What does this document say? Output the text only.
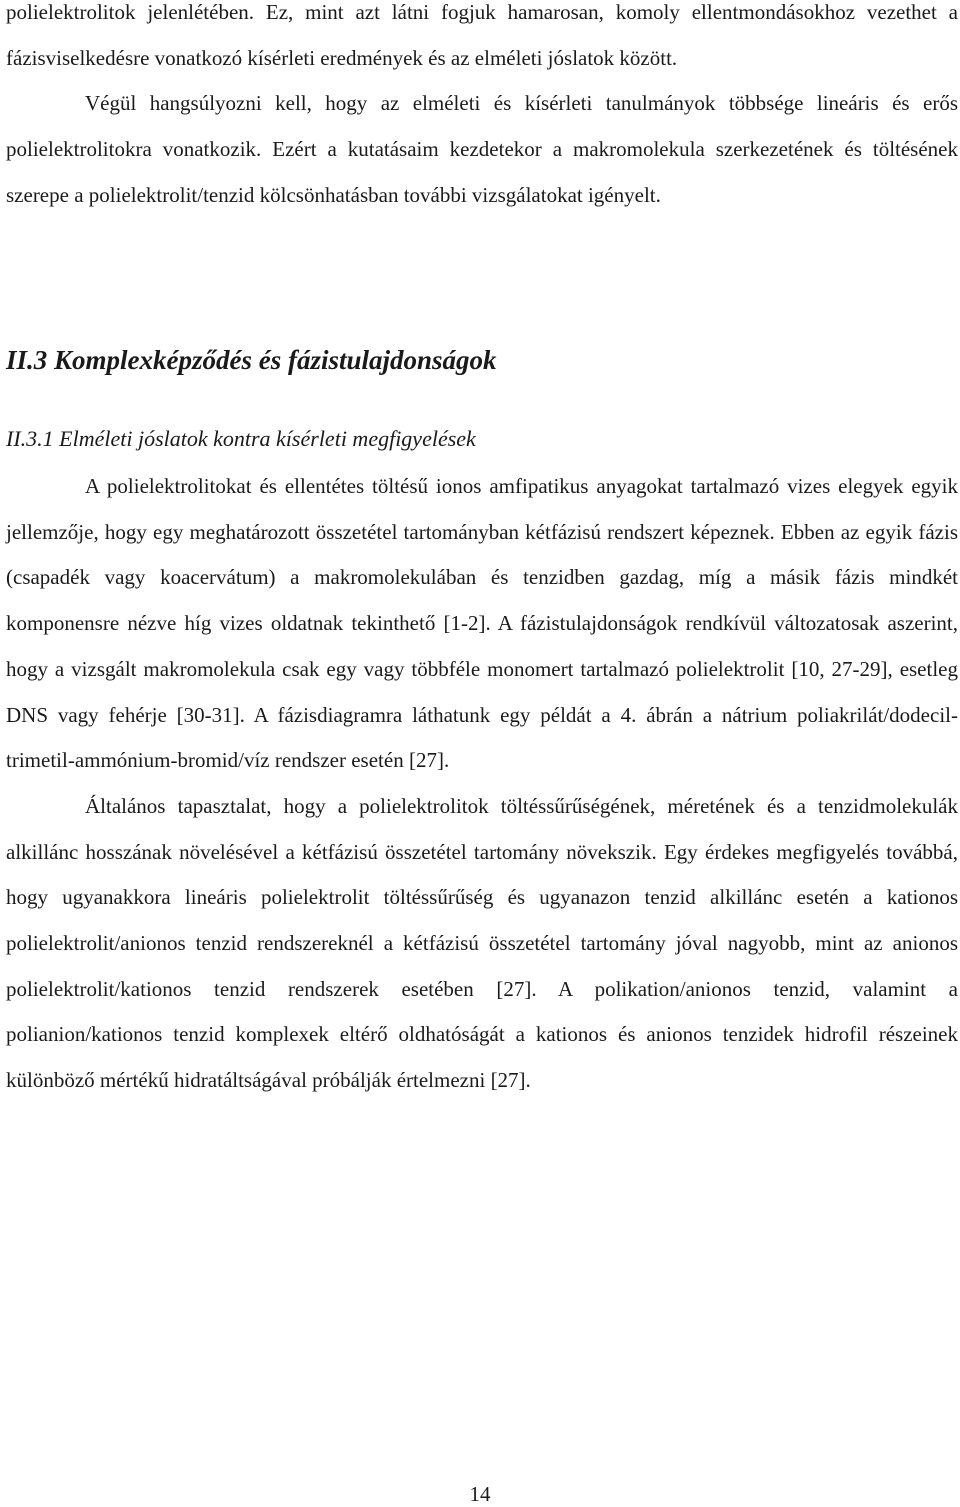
polielektrolitok jelenlétében. Ez, mint azt látni fogjuk hamarosan, komoly ellentmondásokhoz vezethet a fázisviselkedésre vonatkozó kísérleti eredmények és az elméleti jóslatok között.

Végül hangsúlyozni kell, hogy az elméleti és kísérleti tanulmányok többsége lineáris és erős polielektrolitokra vonatkozik. Ezért a kutatásaim kezdetekor a makromolekula szerkezetének és töltésének szerepe a polielektrolit/tenzid kölcsönhatásban további vizsgálatokat igényelt.

II.3 Komplexképződés és fázistulajdonságok
II.3.1 Elméleti jóslatok kontra kísérleti megfigyelések

A polielektrolitokat és ellentétes töltésű ionos amfipatikus anyagokat tartalmazó vizes elegyek egyik jellemzője, hogy egy meghatározott összetétel tartományban kétfázisú rendszert képeznek. Ebben az egyik fázis (csapadék vagy koacervátum) a makromolekulában és tenzidben gazdag, míg a másik fázis mindkét komponensre nézve híg vizes oldatnak tekinthető [1-2]. A fázistulajdonságok rendkívül változatosak aszerint, hogy a vizsgált makromolekula csak egy vagy többféle monomert tartalmazó polielektrolit [10, 27-29], esetleg DNS vagy fehérje [30-31]. A fázisdiagramra láthatunk egy példát a 4. ábrán a nátrium poliakrilát/dodecil-trimetil-ammónium-bromid/víz rendszer esetén [27].

Általános tapasztalat, hogy a polielektrolitok töltéssűrűségének, méretének és a tenzidmolekulák alkillánc hosszának növelésével a kétfázisú összetétel tartomány növekszik. Egy érdekes megfigyelés továbbá, hogy ugyanakkora lineáris polielektrolit töltéssűrűség és ugyanazon tenzid alkillánc esetén a kationos polielektrolit/anionos tenzid rendszereknél a kétfázisú összetétel tartomány jóval nagyobb, mint az anionos polielektrolit/kationos tenzid rendszerek esetében [27]. A polikation/anionos tenzid, valamint a polianion/kationos tenzid komplexek eltérő oldhatóságát a kationos és anionos tenzidek hidrofil részeinek különböző mértékű hidratáltságával próbálják értelmezni [27].

14
